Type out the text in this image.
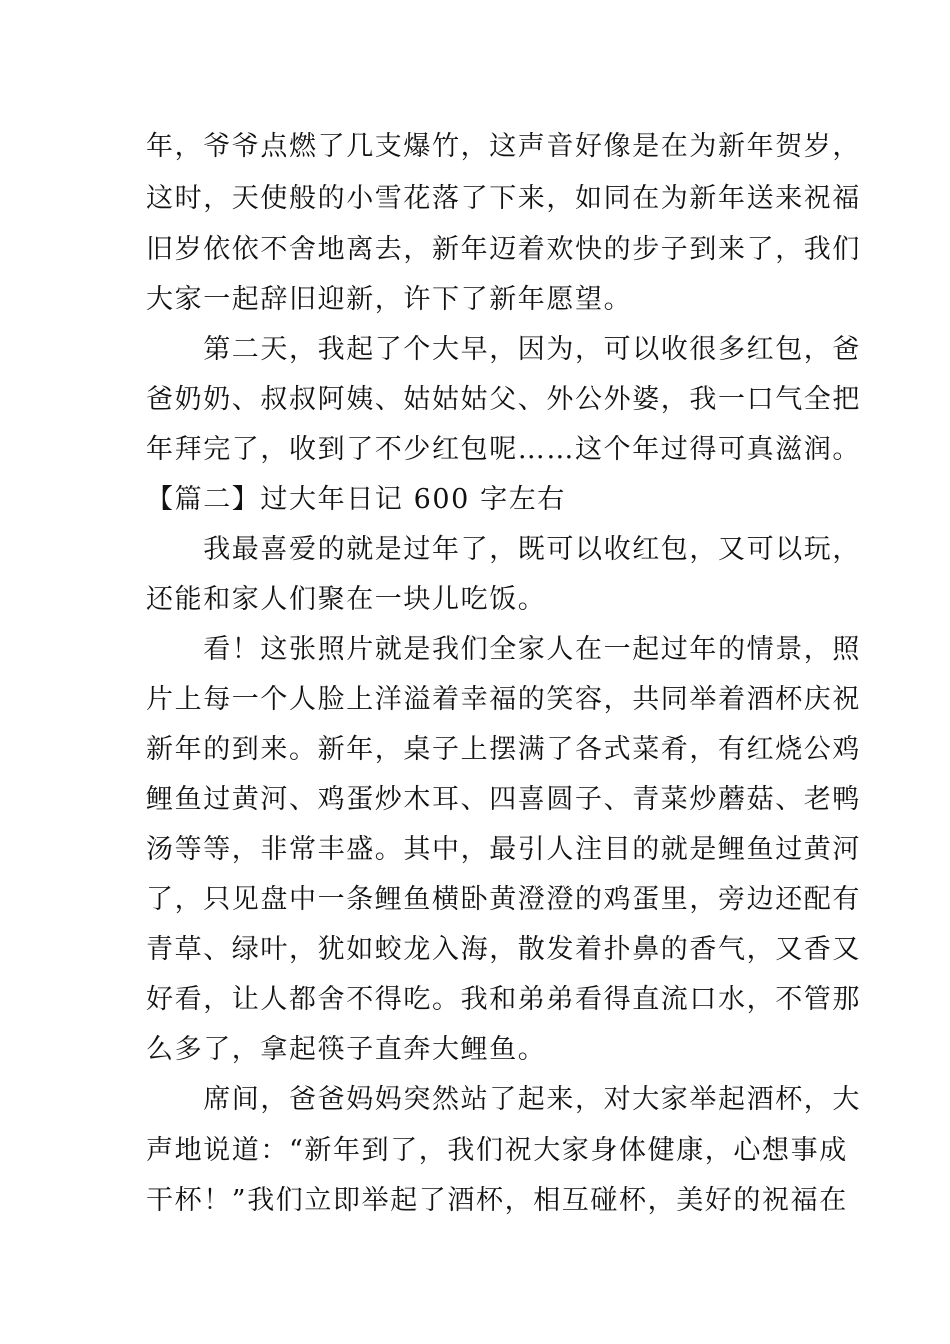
年，爷爷点燃了几支爆竹，这声音好像是在为新年贺岁，
这时，天使般的小雪花落了下来，如同在为新年送来祝福
旧岁依依不舍地离去，新年迈着欢快的步子到来了，我们
大家一起辞旧迎新，许下了新年愿望。
　　第二天，我起了个大早，因为，可以收很多红包，爸
爸奶奶、叔叔阿姨、姑姑姑父、外公外婆，我一口气全把
年拜完了，收到了不少红包呢……这个年过得可真滋润。
【篇二】过大年日记 600 字左右
　　我最喜爱的就是过年了，既可以收红包，又可以玩，
还能和家人们聚在一块儿吃饭。
　　看！这张照片就是我们全家人在一起过年的情景，照
片上每一个人脸上洋溢着幸福的笑容，共同举着酒杯庆祝
新年的到来。新年，桌子上摆满了各式菜肴，有红烧公鸡
鲤鱼过黄河、鸡蛋炒木耳、四喜圆子、青菜炒蘑菇、老鸭
汤等等，非常丰盛。其中，最引人注目的就是鲤鱼过黄河
了，只见盘中一条鲤鱼横卧黄澄澄的鸡蛋里，旁边还配有
青草、绿叶，犹如蛟龙入海，散发着扑鼻的香气，又香又
好看，让人都舍不得吃。我和弟弟看得直流口水，不管那
么多了，拿起筷子直奔大鲤鱼。
　　席间，爸爸妈妈突然站了起来，对大家举起酒杯，大
声地说道：“新年到了，我们祝大家身体健康，心想事成
干杯！”我们立即举起了酒杯，相互碰杯，美好的祝福在
